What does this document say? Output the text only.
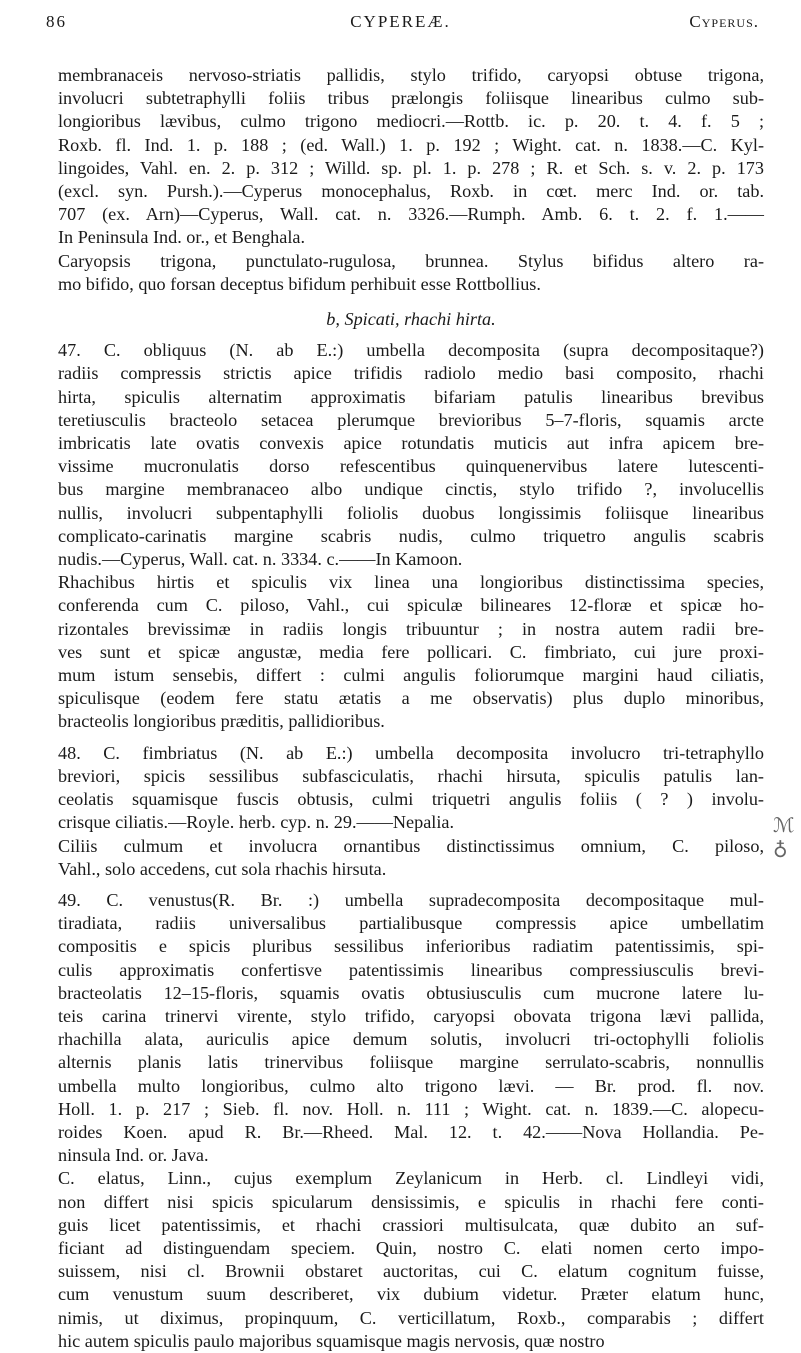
86	CYPEREÆ.	Cyperus.
membranaceis nervoso-striatis pallidis, stylo trifido, caryopsi obtuse trigona,
involucri subtetraphylli foliis tribus prælongis foliisque linearibus culmo sub-
longioribus lævibus, culmo trigono mediocri.—Rottb. ic. p. 20. t. 4. f. 5 ;
Roxb. fl. Ind. 1. p. 188 ; (ed. Wall.) 1. p. 192 ; Wight. cat. n. 1838.—C. Kyl-
lingoides, Vahl. en. 2. p. 312 ; Willd. sp. pl. 1. p. 278 ; R. et Sch. s. v. 2. p. 173
(excl. syn. Pursh.).—Cyperus monocephalus, Roxb. in cœt. merc Ind. or. tab.
707 (ex. Arn)—Cyperus, Wall. cat. n. 3326.—Rumph. Amb. 6. t. 2. f. 1.——
In Peninsula Ind. or., et Benghala.
Caryopsis trigona, punctulato-rugulosa, brunnea. Stylus bifidus altero ra-
mo bifido, quo forsan deceptus bifidum perhibuit esse Rottbollius.
b, Spicati, rhachi hirta.
47. C. obliquus (N. ab E.:) umbella decomposita (supra decompositaque?)
radiis compressis strictis apice trifidis radiolo medio basi composito, rhachi
hirta, spiculis alternatim approximatis bifariam patulis linearibus brevibus
teretiusculis bracteolo setacea plerumque brevioribus 5–7-floris, squamis arcte
imbricatis late ovatis convexis apice rotundatis muticis aut infra apicem bre-
vissime mucronulatis dorso refescentibus quinquenervibus latere lutescenti-
bus margine membranaceo albo undique cinctis, stylo trifido ?, involucellis
nullis, involucri subpentaphylli foliolis duobus longissimis foliisque linearibus
complicato-carinatis margine scabris nudis, culmo triquetro angulis scabris
nudis.—Cyperus, Wall. cat. n. 3334. c.——In Kamoon.
Rhachibus hirtis et spiculis vix linea una longioribus distinctissima species,
conferenda cum C. piloso, Vahl., cui spiculæ bilineares 12-floræ et spicæ ho-
rizontales brevissimæ in radiis longis tribuuntur ; in nostra autem radii bre-
ves sunt et spicæ angustæ, media fere pollicari. C. fimbriato, cui jure proxi-
mum istum sensebis, differt : culmi angulis foliorumque margini haud ciliatis,
spiculisque (eodem fere statu ætatis a me observatis) plus duplo minoribus,
bracteolis longioribus præditis, pallidioribus.
48. C. fimbriatus (N. ab E.:) umbella decomposita involucro tri-tetraphyllo
breviori, spicis sessilibus subfasciculatis, rhachi hirsuta, spiculis patulis lan-
ceolatis squamisque fuscis obtusis, culmi triquetri angulis foliis ( ? ) involu-
crisque ciliatis.—Royle. herb. cyp. n. 29.——Nepalia.
Ciliis culmum et involucra ornantibus distinctissimus omnium, C. piloso,
Vahl., solo accedens, cut sola rhachis hirsuta.
49. C. venustus(R. Br. :) umbella supradecomposita decompositaque mul-
tiradiata, radiis universalibus partialibusque compressis apice umbellatim
compositis e spicis pluribus sessilibus inferioribus radiatim patentissimis, spi-
culis approximatis confertisve patentissimis linearibus compressiusculis brevi-
bracteolatis 12–15-floris, squamis ovatis obtusiusculis cum mucrone latere lu-
teis carina trinervi virente, stylo trifido, caryopsi obovata trigona lævi pallida,
rhachilla alata, auriculis apice demum solutis, involucri tri-octophylli foliolis
alternis planis latis trinervibus foliisque margine serrulato-scabris, nonnullis
umbella multo longioribus, culmo alto trigono lævi. — Br. prod. fl. nov.
Holl. 1. p. 217 ; Sieb. fl. nov. Holl. n. 111 ; Wight. cat. n. 1839.—C. alopecu-
roides Koen. apud R. Br.—Rheed. Mal. 12. t. 42.——Nova Hollandia. Pe-
ninsula Ind. or. Java.
C. elatus, Linn., cujus exemplum Zeylanicum in Herb. cl. Lindleyi vidi,
non differt nisi spicis spicularum densissimis, e spiculis in rhachi fere conti-
guis licet patentissimis, et rhachi crassiori multisulcata, quæ dubito an suf-
ficiant ad distinguendam speciem. Quin, nostro C. elati nomen certo impo-
suissem, nisi cl. Brownii obstaret auctoritas, cui C. elatum cognitum fuisse,
cum venustum suum describeret, vix dubium videtur. Præter elatum hunc,
nimis, ut diximus, propinquum, C. verticillatum, Roxb., comparabis ; differt
hic autem spiculis paulo majoribus squamisque magis nervosis, quæ nostro
ℳ ♁
